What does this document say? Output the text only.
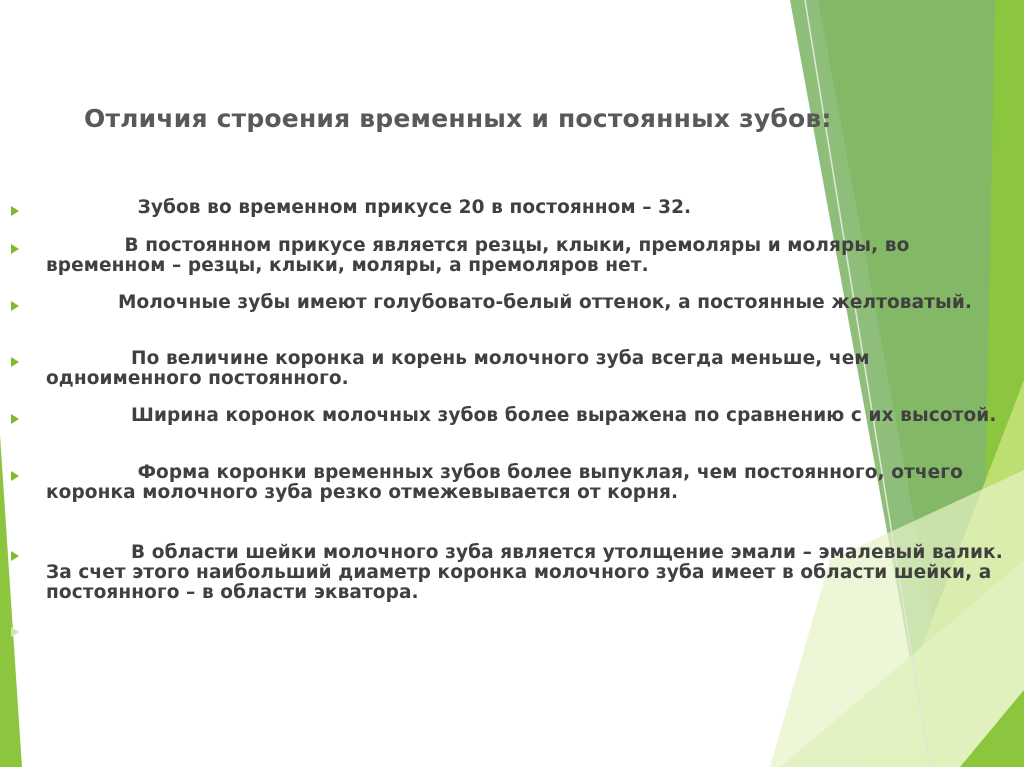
Отличия строения временных и постоянных зубов:

Зубов во временном прикусе 20 в постоянном – 32.

В постоянном прикусе является резцы, клыки, премоляры и моляры, во временном – резцы, клыки, моляры, а премоляров нет.

Молочные зубы имеют голубовато-белый оттенок, а постоянные желтоватый.

По величине коронка и корень молочного зуба всегда меньше, чем одноименного постоянного.

Ширина коронок молочных зубов более выражена по сравнению с их высотой.

Форма коронки временных зубов более выпуклая, чем постоянного, отчего коронка молочного зуба резко отмежевывается от корня.

В области шейки молочного зуба является утолщение эмали – эмалевый валик. За счет этого наибольший диаметр коронка молочного зуба имеет в области шейки, а постоянного – в области экватора.
